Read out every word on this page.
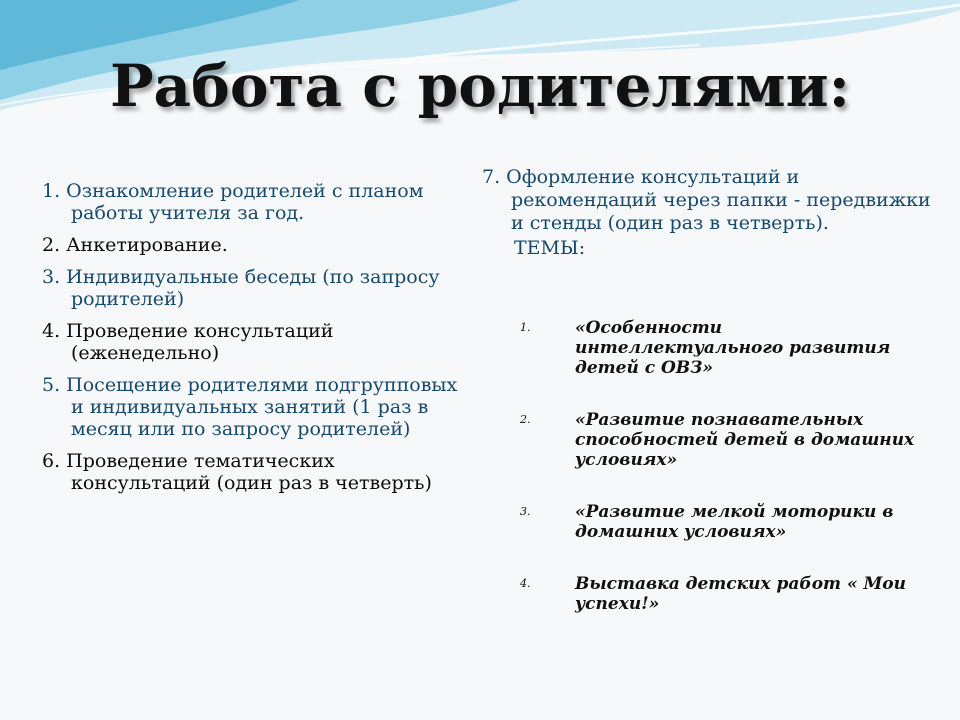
Работа с родителями:
1. Ознакомление родителей с планом работы учителя за год.
2. Анкетирование.
3. Индивидуальные беседы (по запросу родителей)
4. Проведение консультаций (еженедельно)
5. Посещение родителями подгрупповых и индивидуальных занятий (1 раз в месяц или по запросу родителей)
6. Проведение тематических консультаций (один раз в четверть)
7. Оформление консультаций и рекомендаций через папки - передвижки и стенды (один раз в четверть).
ТЕМЫ:
1.	«Особенности интеллектуального развития детей с ОВЗ»
2.	«Развитие познавательных способностей детей в домашних условиях»
3.	«Развитие мелкой моторики в домашних условиях»
4.	Выставка детских работ « Мои успехи!»
